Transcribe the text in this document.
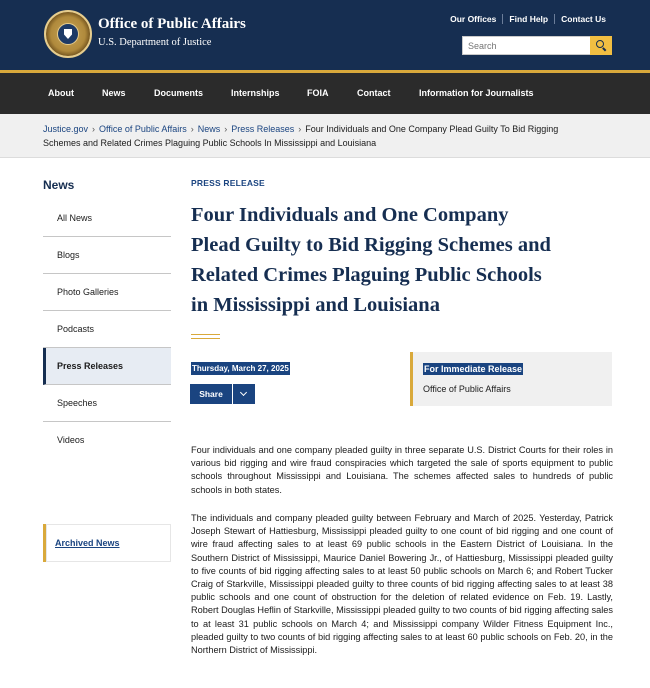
Office of Public Affairs
U.S. Department of Justice
Our Offices	Find Help	Contact Us
Search
About	News	Documents	Internships	FOIA	Contact	Information for Journalists
Justice.gov › Office of Public Affairs › News › Press Releases › Four Individuals and One Company Plead Guilty To Bid Rigging
Schemes and Related Crimes Plaguing Public Schools In Mississippi and Louisiana
News
All News
Blogs
Photo Galleries
Podcasts
Press Releases
Speeches
Videos
Archived News
PRESS RELEASE
Four Individuals and One Company
Plead Guilty to Bid Rigging Schemes and
Related Crimes Plaguing Public Schools
in Mississippi and Louisiana
Thursday, March 27, 2025
Share
For Immediate Release
Office of Public Affairs
Four individuals and one company pleaded guilty in three separate U.S. District Courts for their roles in various bid rigging and wire fraud conspiracies which targeted the sale of sports equipment to public schools throughout Mississippi and Louisiana. The schemes affected sales to hundreds of public schools in both states.
The individuals and company pleaded guilty between February and March of 2025. Yesterday, Patrick Joseph Stewart of Hattiesburg, Mississippi pleaded guilty to one count of bid rigging and one count of wire fraud affecting sales to at least 69 public schools in the Eastern District of Louisiana. In the Southern District of Mississippi, Maurice Daniel Bowering Jr., of Hattiesburg, Mississippi pleaded guilty to five counts of bid rigging affecting sales to at least 50 public schools on March 6; and Robert Tucker Craig of Starkville, Mississippi pleaded guilty to three counts of bid rigging affecting sales to at least 38 public schools and one count of obstruction for the deletion of related evidence on Feb. 19. Lastly, Robert Douglas Heflin of Starkville, Mississippi pleaded guilty to two counts of bid rigging affecting sales to at least 31 public schools on March 4; and Mississippi company Wilder Fitness Equipment Inc., pleaded guilty to two counts of bid rigging affecting sales to at least 60 public schools on Feb. 20, in the Northern District of Mississippi.
